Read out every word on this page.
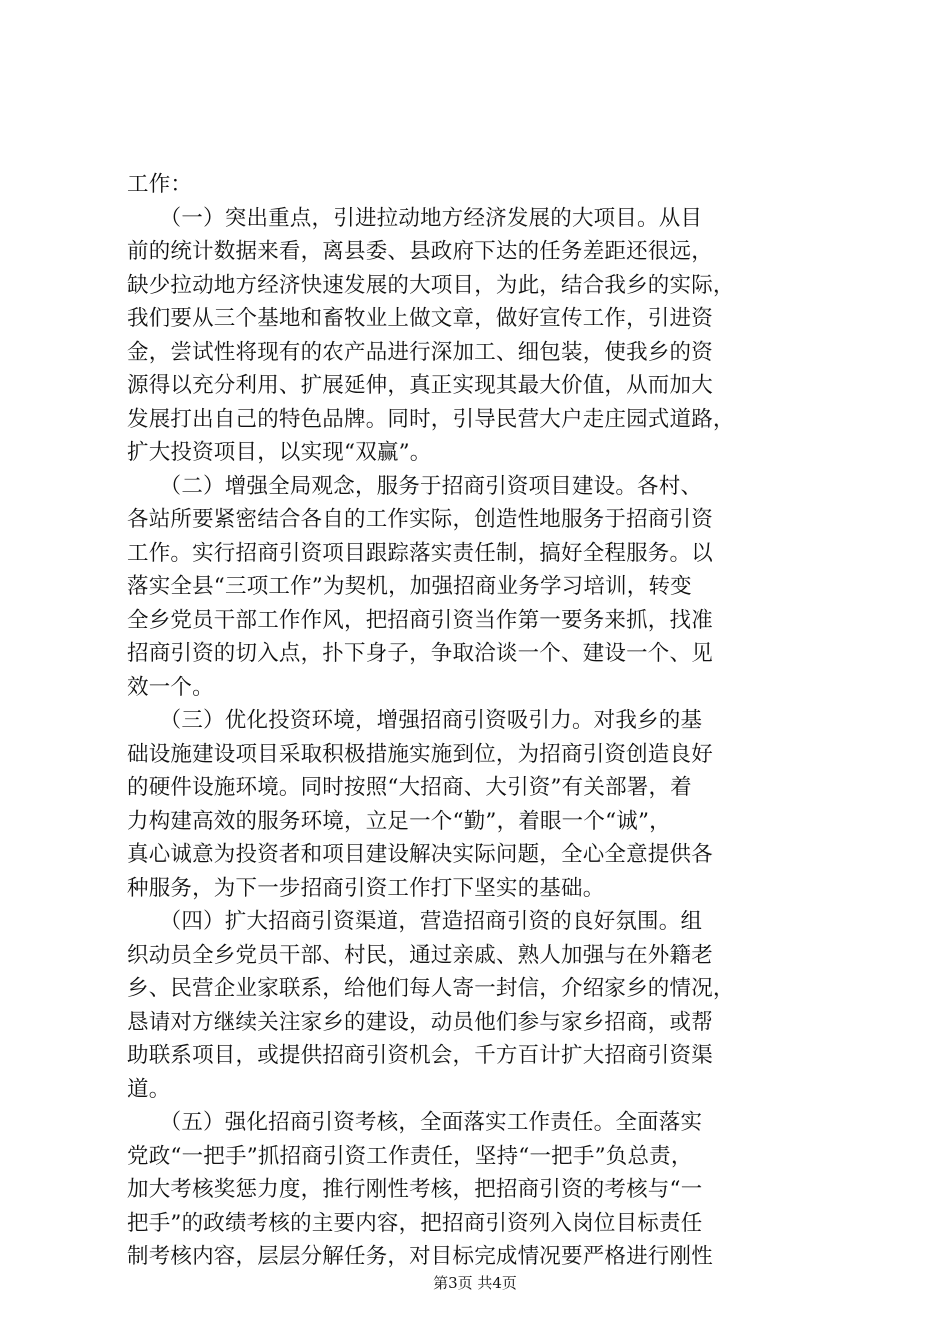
工作：
　　（一）突出重点，引进拉动地方经济发展的大项目。从目
前的统计数据来看，离县委、县政府下达的任务差距还很远，
缺少拉动地方经济快速发展的大项目，为此，结合我乡的实际，
我们要从三个基地和畜牧业上做文章，做好宣传工作，引进资
金，尝试性将现有的农产品进行深加工、细包装，使我乡的资
源得以充分利用、扩展延伸，真正实现其最大价值，从而加大
发展打出自己的特色品牌。同时，引导民营大户走庄园式道路，
扩大投资项目，以实现“双赢”。
　　（二）增强全局观念，服务于招商引资项目建设。各村、
各站所要紧密结合各自的工作实际，创造性地服务于招商引资
工作。实行招商引资项目跟踪落实责任制，搞好全程服务。以
落实全县“三项工作”为契机，加强招商业务学习培训，转变
全乡党员干部工作作风，把招商引资当作第一要务来抓，找准
招商引资的切入点，扑下身子，争取洽谈一个、建设一个、见
效一个。
　　（三）优化投资环境，增强招商引资吸引力。对我乡的基
础设施建设项目采取积极措施实施到位，为招商引资创造良好
的硬件设施环境。同时按照“大招商、大引资”有关部署，着
力构建高效的服务环境，立足一个“勤”，着眼一个“诚”，
真心诚意为投资者和项目建设解决实际问题，全心全意提供各
种服务，为下一步招商引资工作打下坚实的基础。
　　（四）扩大招商引资渠道，营造招商引资的良好氛围。组
织动员全乡党员干部、村民，通过亲戚、熟人加强与在外籍老
乡、民营企业家联系，给他们每人寄一封信，介绍家乡的情况，
恳请对方继续关注家乡的建设，动员他们参与家乡招商，或帮
助联系项目，或提供招商引资机会，千方百计扩大招商引资渠
道。
　　（五）强化招商引资考核，全面落实工作责任。全面落实
党政“一把手”抓招商引资工作责任，坚持“一把手”负总责，
加大考核奖惩力度，推行刚性考核，把招商引资的考核与“一
把手”的政绩考核的主要内容，把招商引资列入岗位目标责任
制考核内容，层层分解任务，对目标完成情况要严格进行刚性
第3页 共4页
